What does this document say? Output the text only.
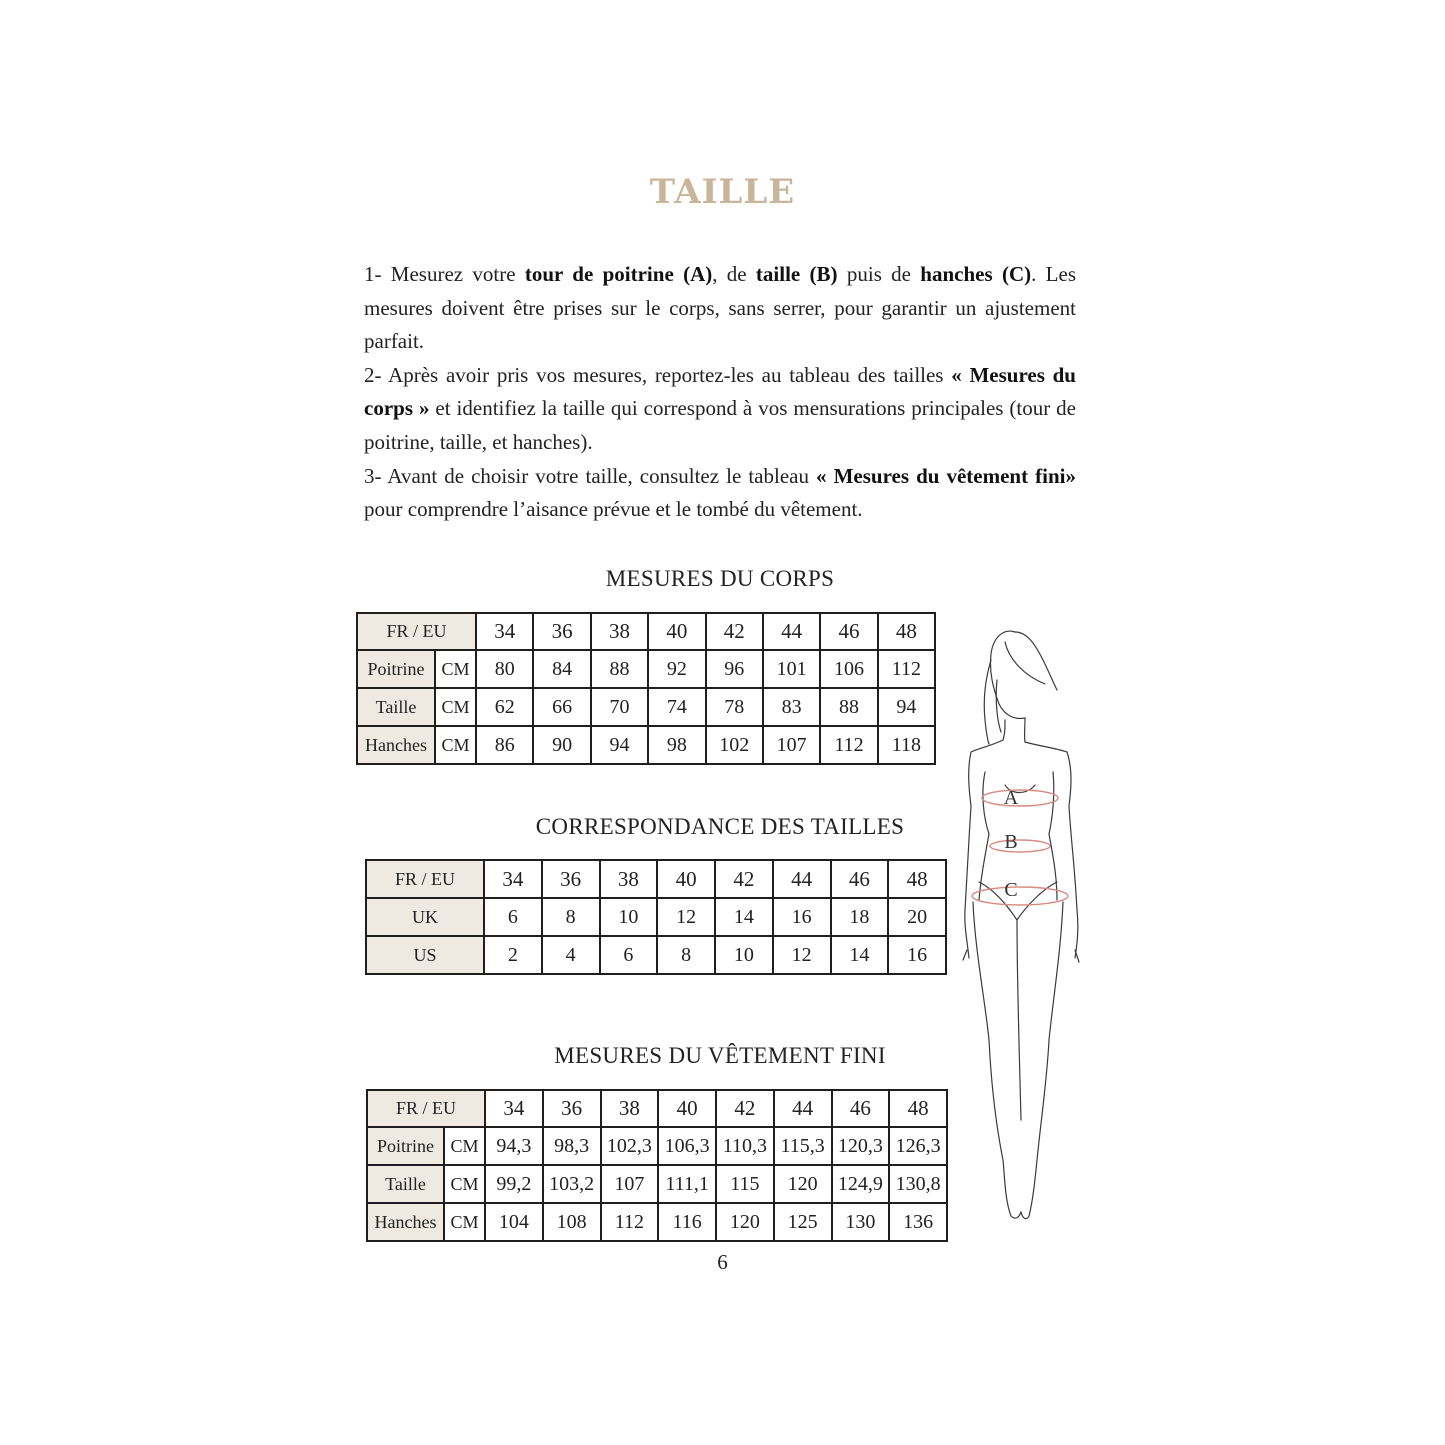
TAILLE

1- Mesurez votre tour de poitrine (A), de taille (B) puis de hanches (C). Les mesures doivent être prises sur le corps, sans serrer, pour garantir un ajustement parfait.

2- Après avoir pris vos mesures, reportez-les au tableau des tailles « Mesures du corps » et identifiez la taille qui correspond à vos mensurations principales (tour de poitrine, taille, et hanches).

3- Avant de choisir votre taille, consultez le tableau « Mesures du vêtement fini» pour comprendre l’aisance prévue et le tombé du vêtement.

MESURES DU CORPS
FR / EU		34	36	38	40	42	44	46	48
Poitrine	CM	80	84	88	92	96	101	106	112
Taille	CM	62	66	70	74	78	83	88	94
Hanches	CM	86	90	94	98	102	107	112	118
CORRESPONDANCE DES TAILLES
FR / EU	34	36	38	40	42	44	46	48
UK	6	8	10	12	14	16	18	20
US	2	4	6	8	10	12	14	16
MESURES DU VÊTEMENT FINI
FR / EU		34	36	38	40	42	44	46	48
Poitrine	CM	94,3	98,3	102,3	106,3	110,3	115,3	120,3	126,3
Taille	CM	99,2	103,2	107	111,1	115	120	124,9	130,8
Hanches	CM	104	108	112	116	120	125	130	136
A
B
C
6
